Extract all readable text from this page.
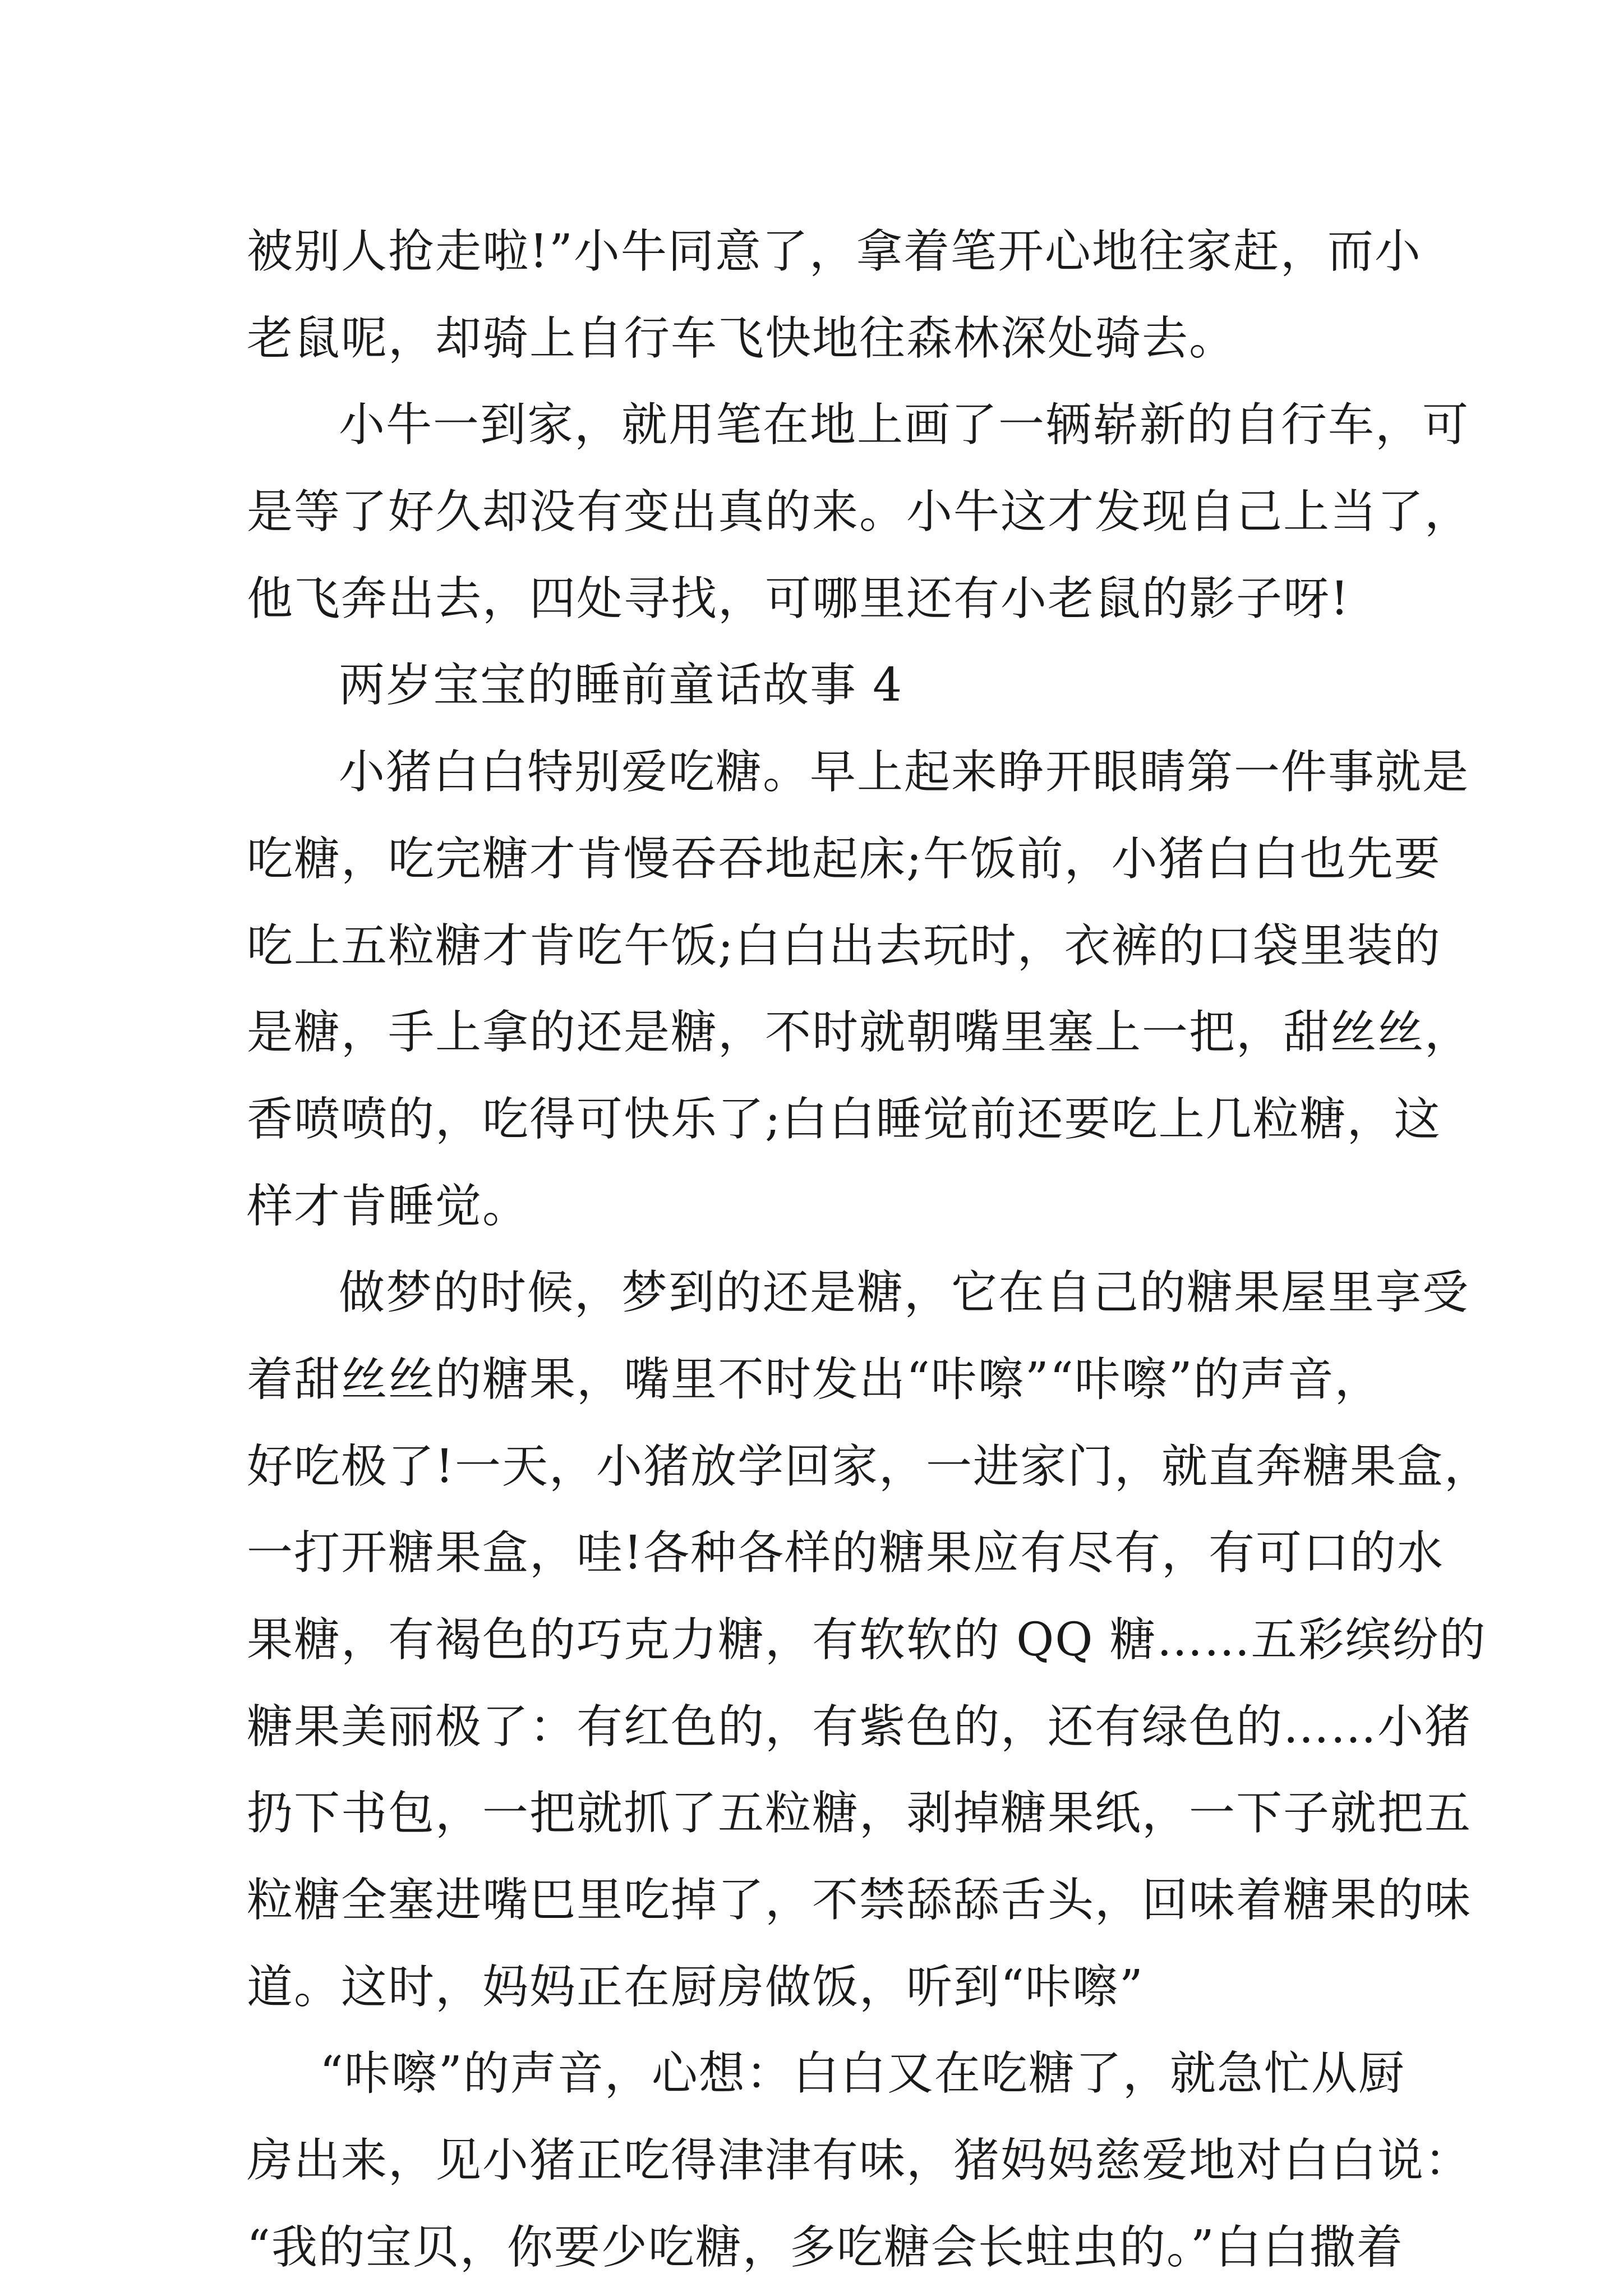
被别人抢走啦!”小牛同意了，拿着笔开心地往家赶，而小
老鼠呢，却骑上自行车飞快地往森林深处骑去。
小牛一到家，就用笔在地上画了一辆崭新的自行车，可
是等了好久却没有变出真的来。小牛这才发现自己上当了，
他飞奔出去，四处寻找，可哪里还有小老鼠的影子呀!
两岁宝宝的睡前童话故事 4
小猪白白特别爱吃糖。早上起来睁开眼睛第一件事就是
吃糖，吃完糖才肯慢吞吞地起床;午饭前，小猪白白也先要
吃上五粒糖才肯吃午饭;白白出去玩时，衣裤的口袋里装的
是糖，手上拿的还是糖，不时就朝嘴里塞上一把，甜丝丝，
香喷喷的，吃得可快乐了;白白睡觉前还要吃上几粒糖，这
样才肯睡觉。
做梦的时候，梦到的还是糖，它在自己的糖果屋里享受
着甜丝丝的糖果，嘴里不时发出“咔嚓”“咔嚓”的声音，
好吃极了!一天，小猪放学回家，一进家门，就直奔糖果盒，
一打开糖果盒，哇!各种各样的糖果应有尽有，有可口的水
果糖，有褐色的巧克力糖，有软软的 QQ 糖……五彩缤纷的
糖果美丽极了：有红色的，有紫色的，还有绿色的……小猪
扔下书包，一把就抓了五粒糖，剥掉糖果纸，一下子就把五
粒糖全塞进嘴巴里吃掉了，不禁舔舔舌头，回味着糖果的味
道。这时，妈妈正在厨房做饭，听到“咔嚓”
“咔嚓”的声音，心想：白白又在吃糖了，就急忙从厨
房出来，见小猪正吃得津津有味，猪妈妈慈爱地对白白说：
“我的宝贝，你要少吃糖，多吃糖会长蛀虫的。”白白撒着
